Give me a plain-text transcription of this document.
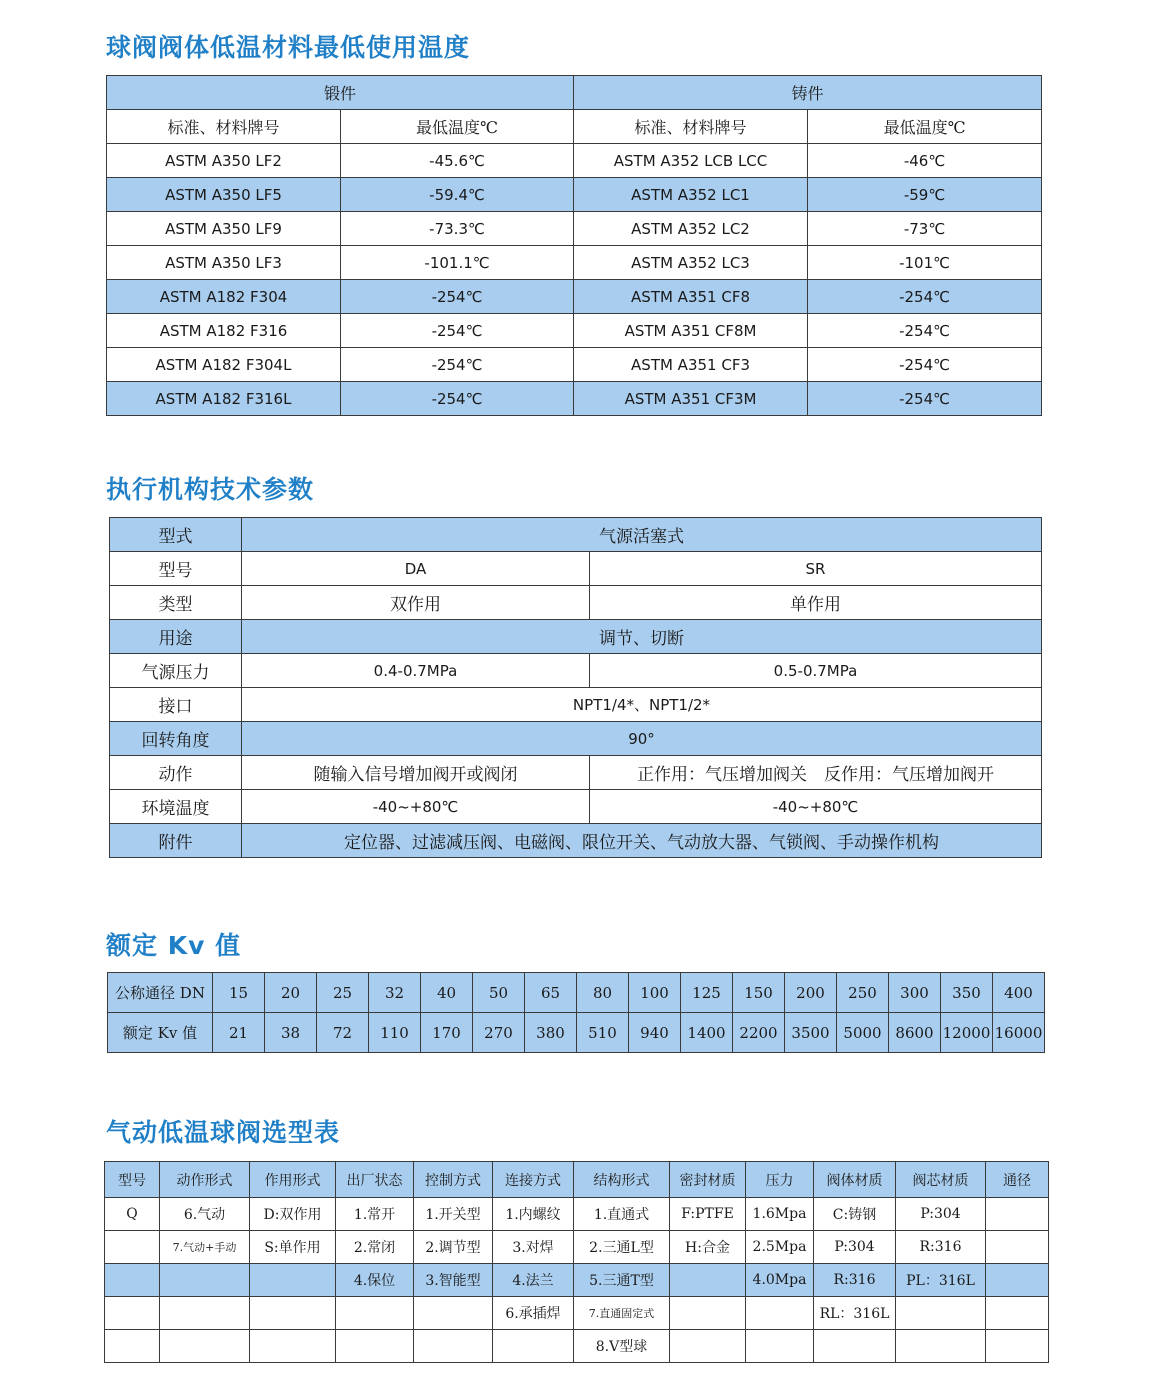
球阀阀体低温材料最低使用温度
锻件		铸件	
标准、材料牌号	最低温度℃	标准、材料牌号	最低温度℃
ASTM A350 LF2	-45.6℃	ASTM A352 LCB LCC	-46℃
ASTM A350 LF5	-59.4℃	ASTM A352 LC1	-59℃
ASTM A350 LF9	-73.3℃	ASTM A352 LC2	-73℃
ASTM A350 LF3	-101.1℃	ASTM A352 LC3	-101℃
ASTM A182 F304	-254℃	ASTM A351 CF8	-254℃
ASTM A182 F316	-254℃	ASTM A351 CF8M	-254℃
ASTM A182 F304L	-254℃	ASTM A351 CF3	-254℃
ASTM A182 F316L	-254℃	ASTM A351 CF3M	-254℃
执行机构技术参数
型式	气源活塞式	
型号	DA	SR
类型	双作用	单作用
用途	调节、切断	
气源压力	0.4-0.7MPa	0.5-0.7MPa
接口	NPT1/4*、NPT1/2*	
回转角度	90°	
动作	随输入信号增加阀开或阀闭	正作用：气压增加阀关　反作用：气压增加阀开
环境温度	-40~+80℃	-40~+80℃
附件	定位器、过滤减压阀、电磁阀、限位开关、气动放大器、气锁阀、手动操作机构	
额定 Kv 值
公称通径 DN	15	20	25	32	40	50	65	80	100	125	150	200	250	300	350	400
额定 Kv 值	21	38	72	110	170	270	380	510	940	1400	2200	3500	5000	8600	12000	16000
气动低温球阀选型表
型号	动作形式	作用形式	出厂状态	控制方式	连接方式	结构形式	密封材质	压力	阀体材质	阀芯材质	通径
Q	6.气动	D:双作用	1.常开	1.开关型	1.内螺纹	1.直通式	F:PTFE	1.6Mpa	C:铸钢	P:304	
	7.气动+手动	S:单作用	2.常闭	2.调节型	3.对焊	2.三通L型	H:合金	2.5Mpa	P:304	R:316	
			4.保位	3.智能型	4.法兰	5.三通T型		4.0Mpa	R:316	PL：316L	
					6.承插焊	7.直通固定式			RL：316L		
						8.V型球					
